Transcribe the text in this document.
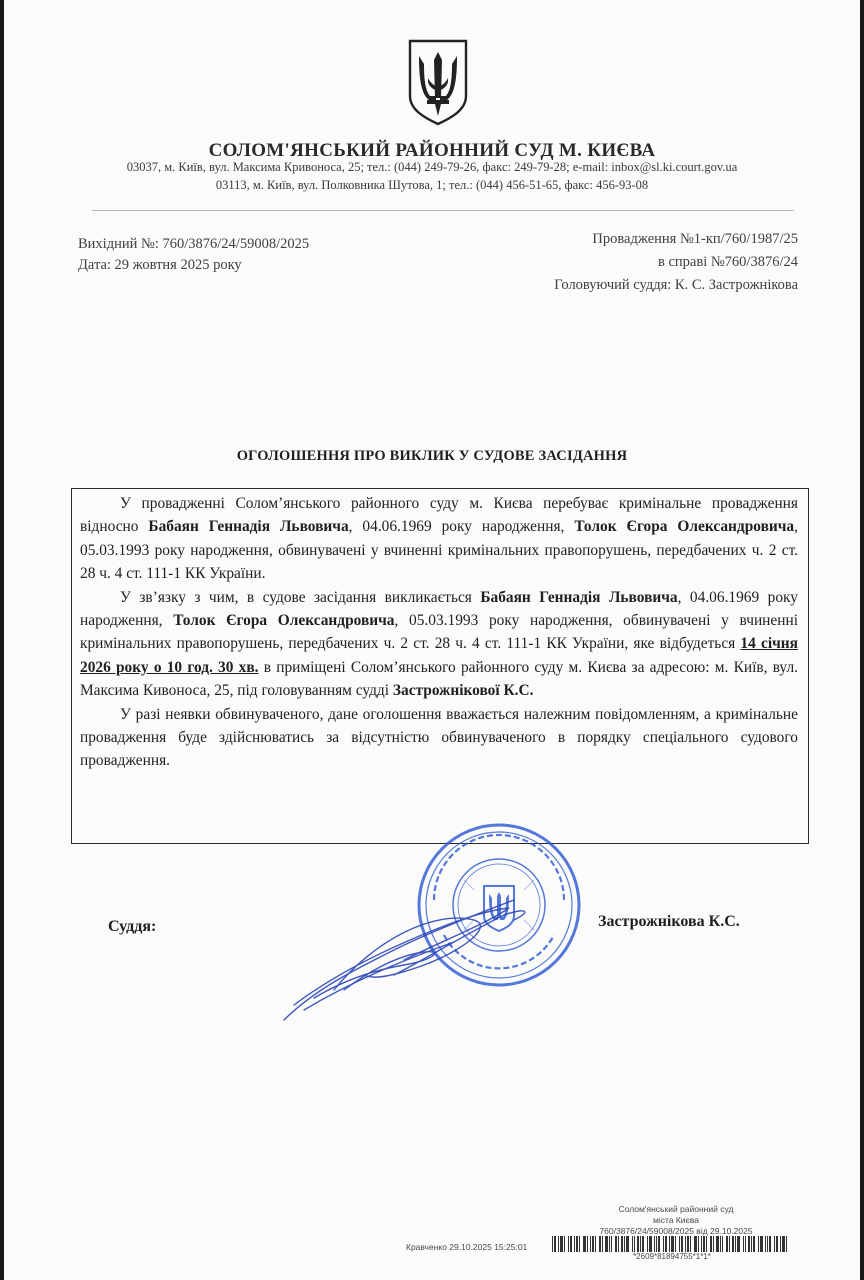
СОЛОМ'ЯНСЬКИЙ РАЙОННИЙ СУД М. КИЄВА
03037, м. Київ, вул. Максима Кривоноса, 25; тел.: (044) 249-79-26, факс: 249-79-28; e-mail: inbox@sl.ki.court.gov.ua
03113, м. Київ, вул. Полковника Шутова, 1; тел.: (044) 456-51-65, факс: 456-93-08
Вихідний №: 760/3876/24/59008/2025
Дата: 29 жовтня 2025 року
Провадження №1-кп/760/1987/25
в справі №760/3876/24
Головуючий суддя: К. С. Застрожнікова
ОГОЛОШЕННЯ ПРО ВИКЛИК У СУДОВЕ ЗАСІДАННЯ

У провадженні Солом’янського районного суду м. Києва перебуває кримінальне провадження відносно Бабаян Геннадія Львовича, 04.06.1969 року народження, Толок Єгора Олександровича, 05.03.1993 року народження, обвинувачені у вчиненні кримінальних правопорушень, передбачених ч. 2 ст. 28 ч. 4 ст. 111-1 КК України.

У зв’язку з чим, в судове засідання викликається Бабаян Геннадія Львовича, 04.06.1969 року народження, Толок Єгора Олександровича, 05.03.1993 року народження, обвинувачені у вчиненні кримінальних правопорушень, передбачених ч. 2 ст. 28 ч. 4 ст. 111-1 КК України, яке відбудеться 14 січня 2026 року о 10 год. 30 хв. в приміщені Солом’янського районного суду м. Києва за адресою: м. Київ, вул. Максима Кивоноса, 25, під головуванням судді Застрожнікової К.С.

У разі неявки обвинуваченого, дане оголошення вважається належним повідомленням, а кримінальне провадження буде здійснюватись за відсутністю обвинуваченого в порядку спеціального судового провадження.

Суддя:	Застрожнікова К.С.
Солом'янський районний суд
міста Києва
760/3876/24/59008/2025 від 29.10.2025
Кравченко 29.10.2025 15:25:01
*2609*81894755*1*1*
